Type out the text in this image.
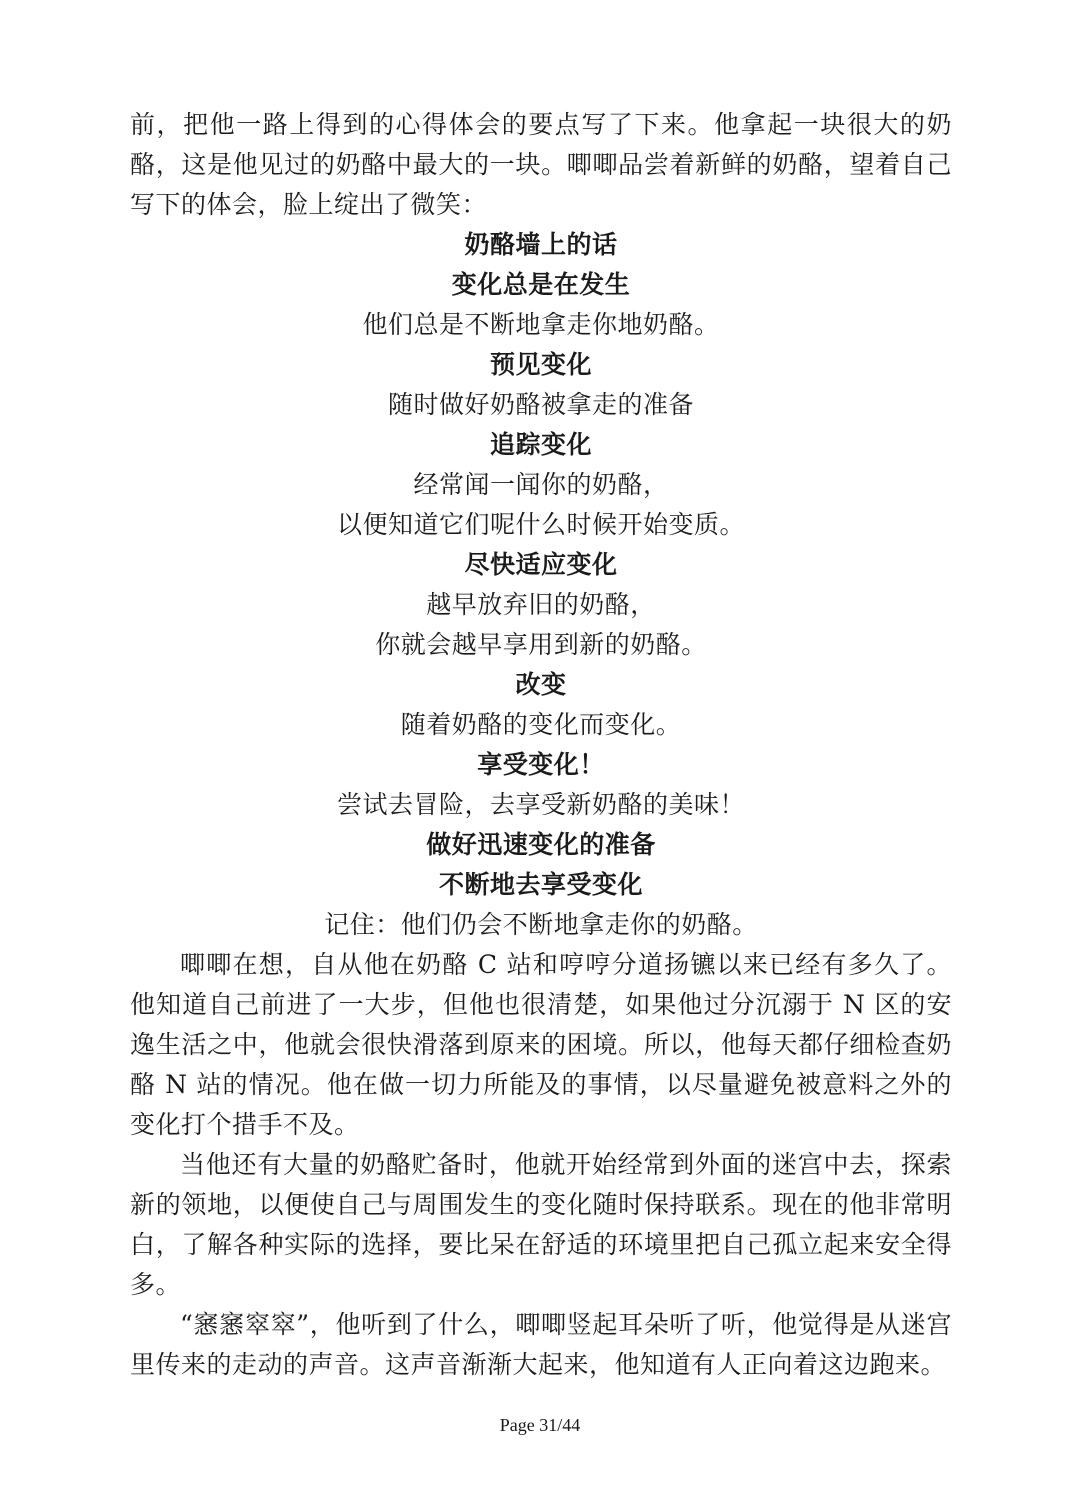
前，把他一路上得到的心得体会的要点写了下来。他拿起一块很大的奶酪，这是他见过的奶酪中最大的一块。唧唧品尝着新鲜的奶酪，望着自己写下的体会，脸上绽出了微笑：

奶酪墙上的话
变化总是在发生
他们总是不断地拿走你地奶酪。
预见变化
随时做好奶酪被拿走的准备
追踪变化
经常闻一闻你的奶酪，
以便知道它们呢什么时候开始变质。
尽快适应变化
越早放弃旧的奶酪，
你就会越早享用到新的奶酪。
改变
随着奶酪的变化而变化。
享受变化！
尝试去冒险，去享受新奶酪的美味！
做好迅速变化的准备
不断地去享受变化
记住：他们仍会不断地拿走你的奶酪。

唧唧在想，自从他在奶酪 C 站和哼哼分道扬镳以来已经有多久了。他知道自己前进了一大步，但他也很清楚，如果他过分沉溺于 N 区的安逸生活之中，他就会很快滑落到原来的困境。所以，他每天都仔细检查奶酪 N 站的情况。他在做一切力所能及的事情，以尽量避免被意料之外的变化打个措手不及。

当他还有大量的奶酪贮备时，他就开始经常到外面的迷宫中去，探索新的领地，以便使自己与周围发生的变化随时保持联系。现在的他非常明白，了解各种实际的选择，要比呆在舒适的环境里把自己孤立起来安全得多。

“窸窸窣窣”，他听到了什么，唧唧竖起耳朵听了听，他觉得是从迷宫里传来的走动的声音。这声音渐渐大起来，他知道有人正向着这边跑来。

Page 31/44
